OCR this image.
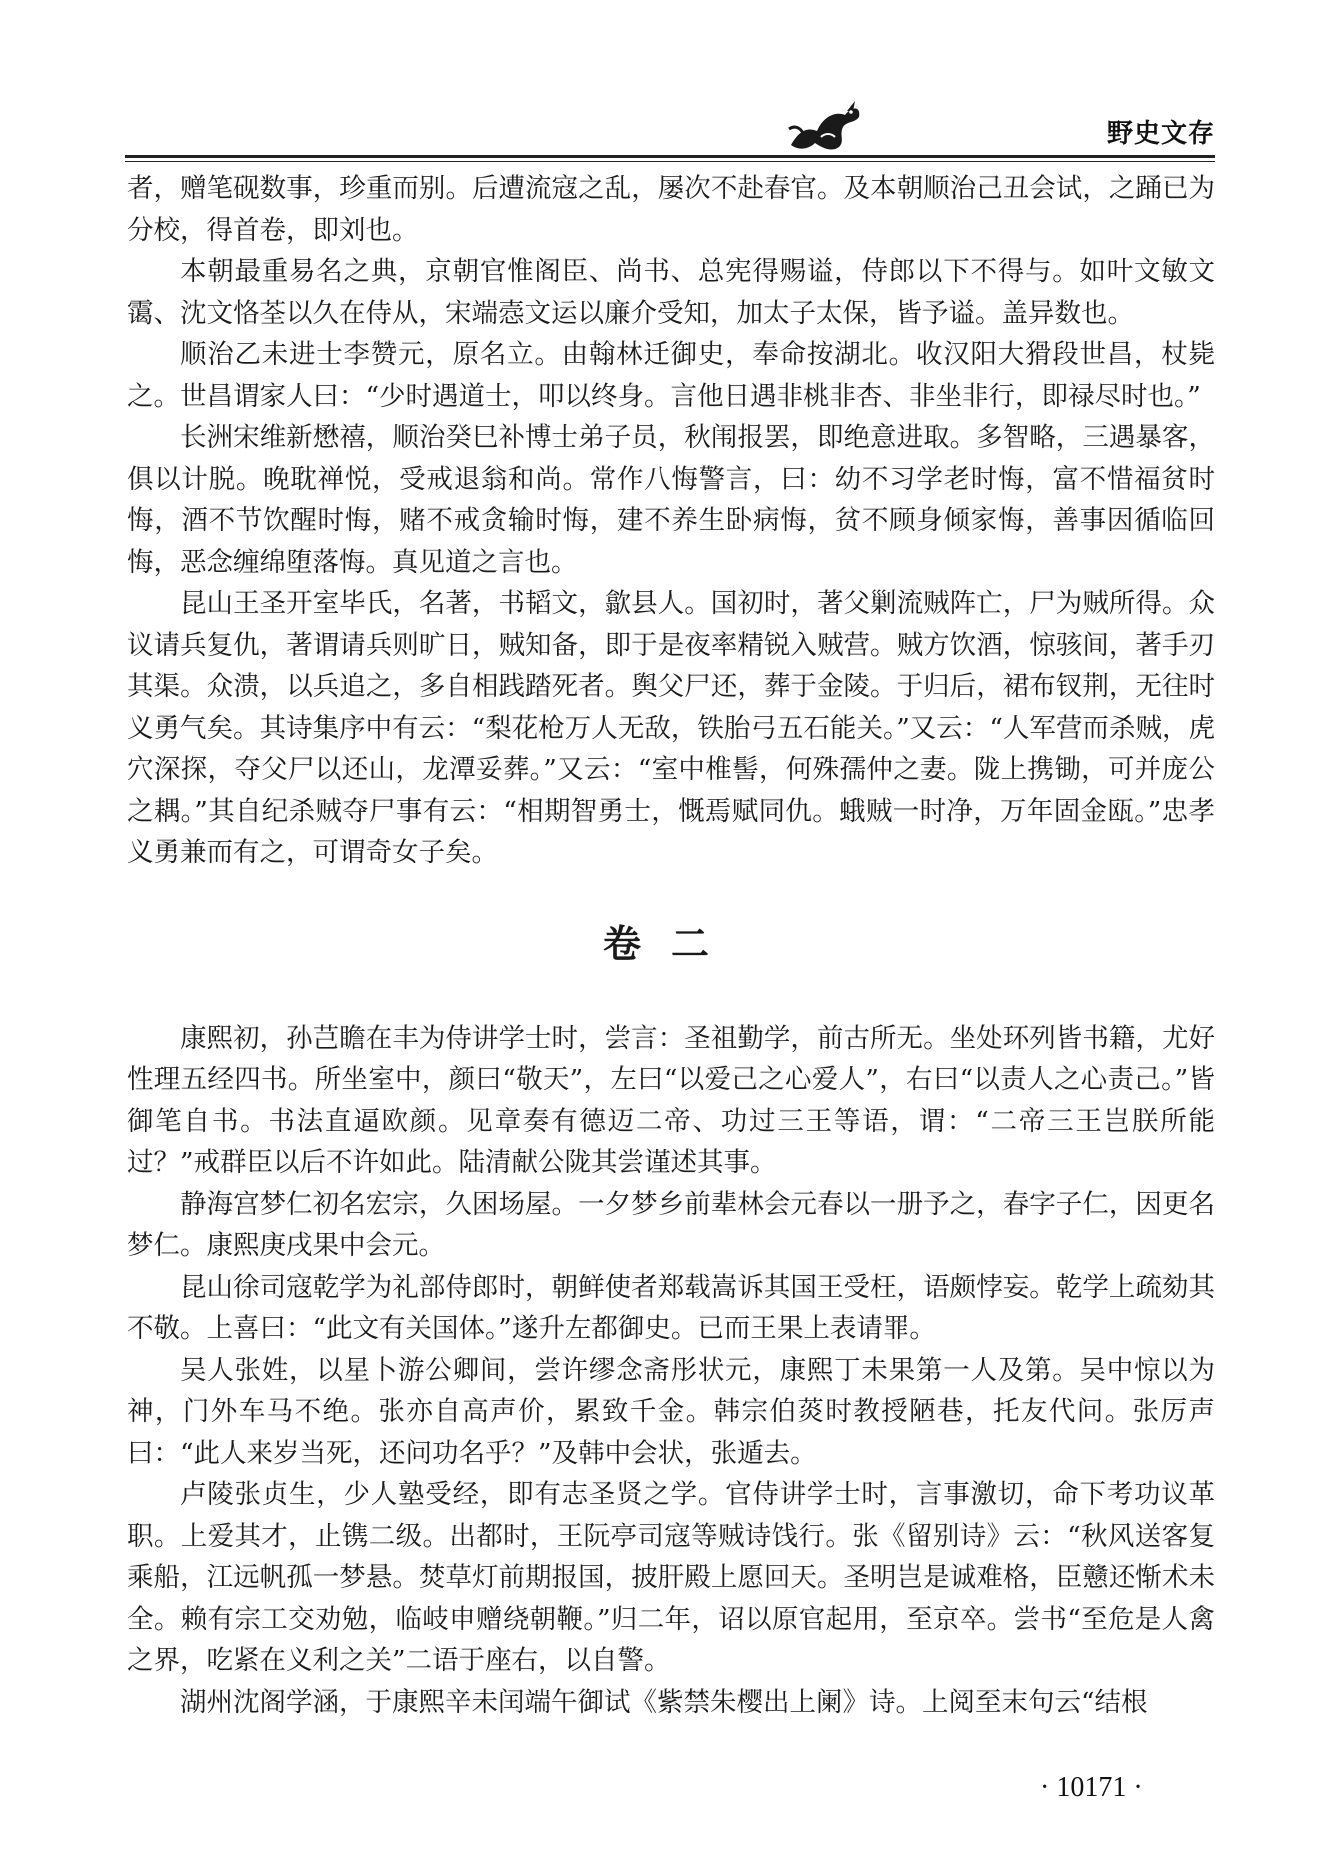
野史文存

者，赠笔砚数事，珍重而别。后遭流寇之乱，屡次不赴春官。及本朝顺治己丑会试，之踊已为分校，得首卷，即刘也。

本朝最重易名之典，京朝官惟阁臣、尚书、总宪得赐谥，侍郎以下不得与。如叶文敏文霭、沈文恪荃以久在侍从，宋端悫文运以廉介受知，加太子太保，皆予谥。盖异数也。

顺治乙未进士李赞元，原名立。由翰林迁御史，奉命按湖北。收汉阳大猾段世昌，杖毙之。世昌谓家人曰：“少时遇道士，叩以终身。言他日遇非桃非杏、非坐非行，即禄尽时也。”

长洲宋维新懋禧，顺治癸巳补博士弟子员，秋闱报罢，即绝意进取。多智略，三遇暴客，俱以计脱。晚耽禅悦，受戒退翁和尚。常作八悔警言，曰：幼不习学老时悔，富不惜福贫时悔，酒不节饮醒时悔，赌不戒贪输时悔，建不养生卧病悔，贫不顾身倾家悔，善事因循临回悔，恶念缠绵堕落悔。真见道之言也。

昆山王圣开室毕氏，名著，书韬文，歙县人。国初时，著父剿流贼阵亡，尸为贼所得。众议请兵复仇，著谓请兵则旷日，贼知备，即于是夜率精锐入贼营。贼方饮酒，惊骇间，著手刃其渠。众溃，以兵追之，多自相践踏死者。舆父尸还，葬于金陵。于归后，裙布钗荆，无往时义勇气矣。其诗集序中有云：“梨花枪万人无敌，铁胎弓五石能关。”又云：“人军营而杀贼，虎穴深探，夺父尸以还山，龙潭妥葬。”又云：“室中椎髻，何殊孺仲之妻。陇上携锄，可并庞公之耦。”其自纪杀贼夺尸事有云：“相期智勇士，慨焉赋同仇。蛾贼一时净，万年固金瓯。”忠孝义勇兼而有之，可谓奇女子矣。

卷二

康熙初，孙芑瞻在丰为侍讲学士时，尝言：圣祖勤学，前古所无。坐处环列皆书籍，尤好性理五经四书。所坐室中，颜曰“敬天”，左曰“以爱己之心爱人”，右曰“以责人之心责己。”皆御笔自书。书法直逼欧颜。见章奏有德迈二帝、功过三王等语，谓：“二帝三王岂朕所能过？”戒群臣以后不许如此。陆清献公陇其尝谨述其事。

静海宫梦仁初名宏宗，久困场屋。一夕梦乡前辈林会元春以一册予之，春字子仁，因更名梦仁。康熙庚戌果中会元。

昆山徐司寇乾学为礼部侍郎时，朝鲜使者郑载嵩诉其国王受枉，语颇悖妄。乾学上疏劾其不敬。上喜曰：“此文有关国体。”遂升左都御史。已而王果上表请罪。

吴人张姓，以星卜游公卿间，尝许缪念斋彤状元，康熙丁未果第一人及第。吴中惊以为神，门外车马不绝。张亦自高声价，累致千金。韩宗伯菼时教授陋巷，托友代问。张厉声曰：“此人来岁当死，还问功名乎？”及韩中会状，张遁去。

卢陵张贞生，少人塾受经，即有志圣贤之学。官侍讲学士时，言事激切，命下考功议革职。上爱其才，止镌二级。出都时，王阮亭司寇等贼诗饯行。张《留别诗》云：“秋风送客复乘船，江远帆孤一梦悬。焚草灯前期报国，披肝殿上愿回天。圣明岂是诚难格，臣戆还惭术未全。赖有宗工交劝勉，临岐申赠绕朝鞭。”归二年，诏以原官起用，至京卒。尝书“至危是人禽之界，吃紧在义利之关”二语于座右，以自警。

湖州沈阁学涵，于康熙辛未闰端午御试《紫禁朱樱出上阑》诗。上阅至末句云“结根

· 10171 ·
